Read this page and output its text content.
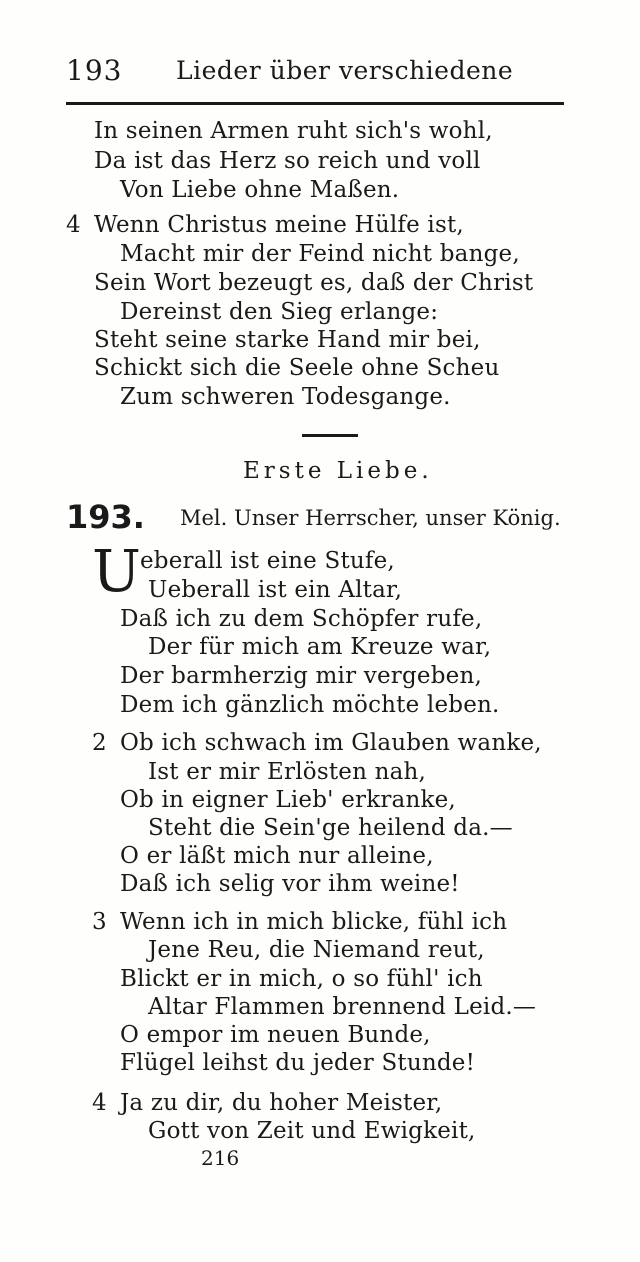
193 Lieder über verschiedene
In seinen Armen ruht sich's wohl,
Da ist das Herz so reich und voll
Von Liebe ohne Maßen.
4 Wenn Christus meine Hülfe ist,
Macht mir der Feind nicht bange,
Sein Wort bezeugt es, daß der Christ
Dereinst den Sieg erlange:
Steht seine starke Hand mir bei,
Schickt sich die Seele ohne Scheu
Zum schweren Todesgange.
Erste Liebe.
193. Mel. Unser Herrscher, unser König.
U eberall ist eine Stufe,
Ueberall ist ein Altar,
Daß ich zu dem Schöpfer rufe,
Der für mich am Kreuze war,
Der barmherzig mir vergeben,
Dem ich gänzlich möchte leben.
2 Ob ich schwach im Glauben wanke,
Ist er mir Erlösten nah,
Ob in eigner Lieb' erkranke,
Steht die Sein'ge heilend da.—
O er läßt mich nur alleine,
Daß ich selig vor ihm weine!
3 Wenn ich in mich blicke, fühl ich
Jene Reu, die Niemand reut,
Blickt er in mich, o so fühl' ich
Altar Flammen brennend Leid.—
O empor im neuen Bunde,
Flügel leihst du jeder Stunde!
4 Ja zu dir, du hoher Meister,
Gott von Zeit und Ewigkeit,
216
